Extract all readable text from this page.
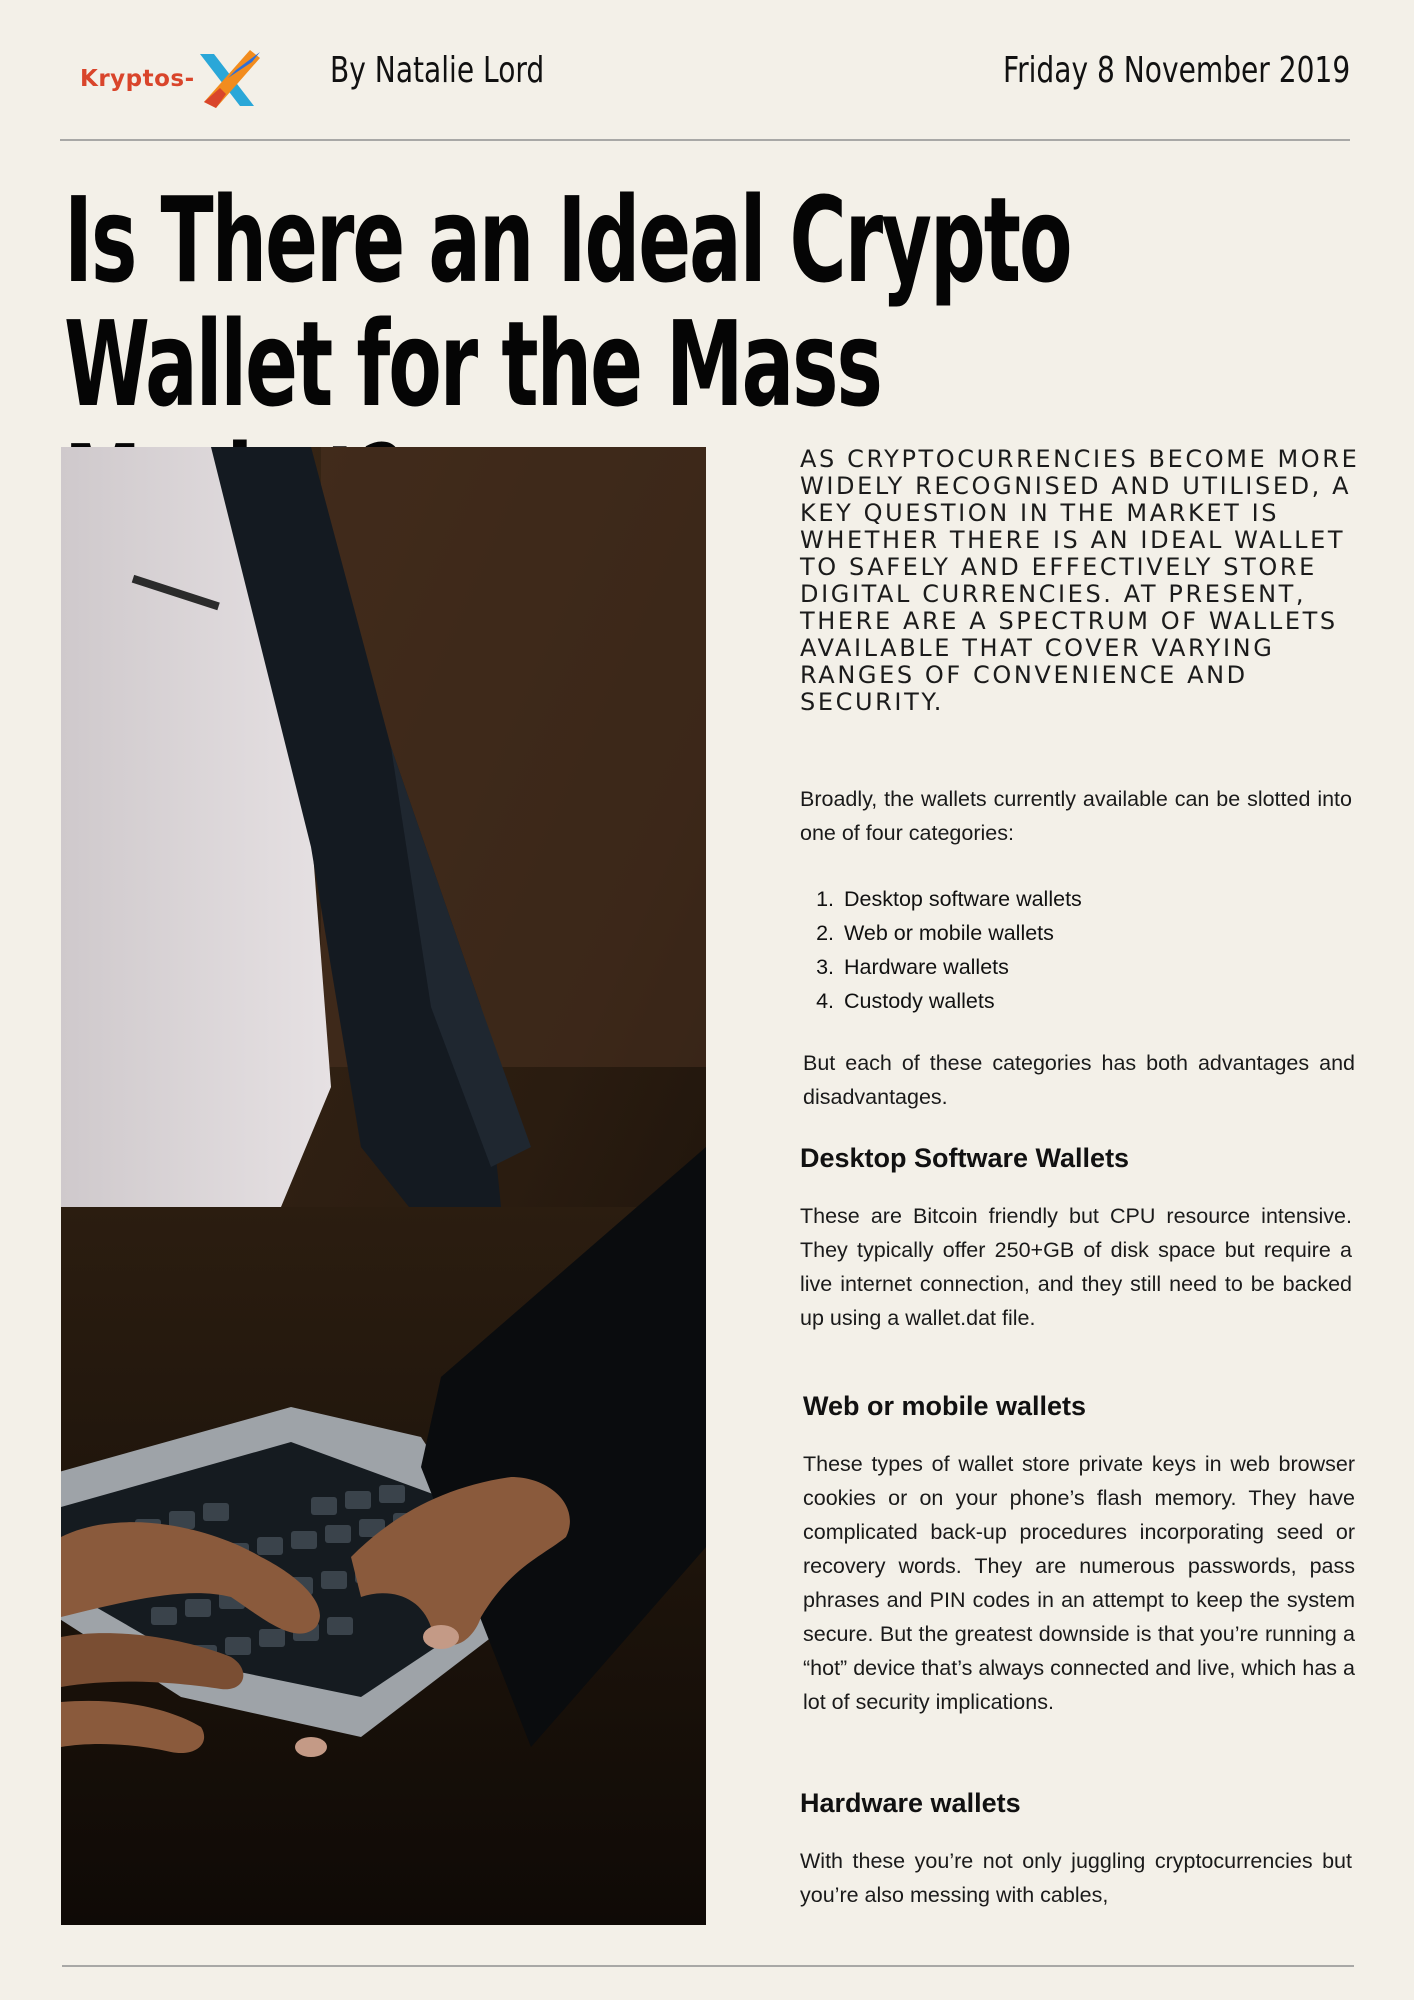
Kryptos-	By Natalie Lord	Friday 8 November 2019
Is There an Ideal Crypto Wallet for the Mass

AS CRYPTOCURRENCIES BECOME MORE WIDELY RECOGNISED AND UTILISED, A KEY QUESTION IN THE MARKET IS WHETHER THERE IS AN IDEAL WALLET TO SAFELY AND EFFECTIVELY STORE DIGITAL CURRENCIES. AT PRESENT, THERE ARE A SPECTRUM OF WALLETS AVAILABLE THAT COVER VARYING RANGES OF CONVENIENCE AND SECURITY.

Broadly, the wallets currently available can be slotted into one of four categories:

1. Desktop software wallets
2. Web or mobile wallets
3. Hardware wallets
4. Custody wallets

But each of these categories has both advantages and disadvantages.

Desktop Software Wallets

These are Bitcoin friendly but CPU resource intensive. They typically offer 250+GB of disk space but require a live internet connection, and they still need to be backed up using a wallet.dat file.

Web or mobile wallets

These types of wallet store private keys in web browser cookies or on your phone’s flash memory. They have complicated back-up procedures incorporating seed or recovery words. They are numerous passwords, pass phrases and PIN codes in an attempt to keep the system secure. But the greatest downside is that you’re running a “hot” device that’s always connected and live, which has a lot of security implications.

Hardware wallets

With these you’re not only juggling cryptocurrencies but you’re also messing with cables,
